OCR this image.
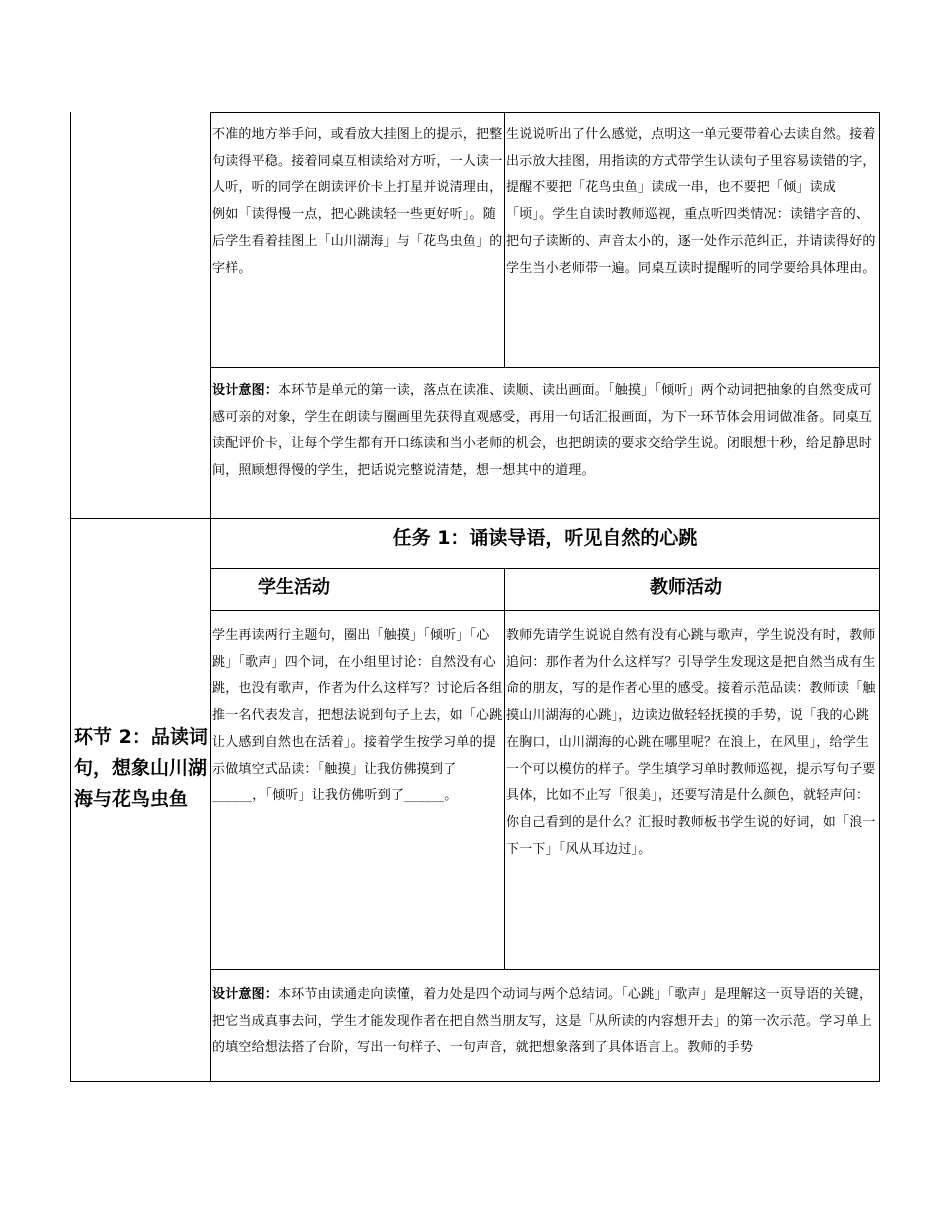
不准的地方举手问，或看放大挂图上的提示，把整句读得平稳。接着同桌互相读给对方听，一人读一人听，听的同学在朗读评价卡上打星并说清理由，例如「读得慢一点，把心跳读轻一些更好听」。随后学生看着挂图上「山川湖海」与「花鸟虫鱼」的字样。
生说说听出了什么感觉，点明这一单元要带着心去读自然。接着出示放大挂图，用指读的方式带学生认读句子里容易读错的字，提醒不要把「花鸟虫鱼」读成一串，也不要把「倾」读成「顷」。学生自读时教师巡视，重点听四类情况：读错字音的、把句子读断的、声音太小的，逐一处作示范纠正，并请读得好的学生当小老师带一遍。同桌互读时提醒听的同学要给具体理由。
设计意图：本环节是单元的第一读，落点在读准、读顺、读出画面。「触摸」「倾听」两个动词把抽象的自然变成可感可亲的对象，学生在朗读与圈画里先获得直观感受，再用一句话汇报画面，为下一环节体会用词做准备。同桌互读配评价卡，让每个学生都有开口练读和当小老师的机会，也把朗读的要求交给学生说。闭眼想十秒，给足静思时间，照顾想得慢的学生，把话说完整说清楚，想一想其中的道理。
环节 2：品读词句，想象山川湖海与花鸟虫鱼
任务 1：诵读导语，听见自然的心跳
学生活动	教师活动
学生再读两行主题句，圈出「触摸」「倾听」「心跳」「歌声」四个词，在小组里讨论：自然没有心跳，也没有歌声，作者为什么这样写？讨论后各组推一名代表发言，把想法说到句子上去，如「心跳让人感到自然也在活着」。接着学生按学习单的提示做填空式品读：「触摸」让我仿佛摸到了______，「倾听」让我仿佛听到了______。
教师先请学生说说自然有没有心跳与歌声，学生说没有时，教师追问：那作者为什么这样写？引导学生发现这是把自然当成有生命的朋友，写的是作者心里的感受。接着示范品读：教师读「触摸山川湖海的心跳」，边读边做轻轻抚摸的手势，说「我的心跳在胸口，山川湖海的心跳在哪里呢？在浪上，在风里」，给学生一个可以模仿的样子。学生填学习单时教师巡视，提示写句子要具体，比如不止写「很美」，还要写清是什么颜色，就轻声问：你自己看到的是什么？汇报时教师板书学生说的好词，如「浪一下一下」「风从耳边过」。
设计意图：本环节由读通走向读懂，着力处是四个动词与两个总结词。「心跳」「歌声」是理解这一页导语的关键，把它当成真事去问，学生才能发现作者在把自然当朋友写，这是「从所读的内容想开去」的第一次示范。学习单上的填空给想法搭了台阶，写出一句样子、一句声音，就把想象落到了具体语言上。教师的手势
